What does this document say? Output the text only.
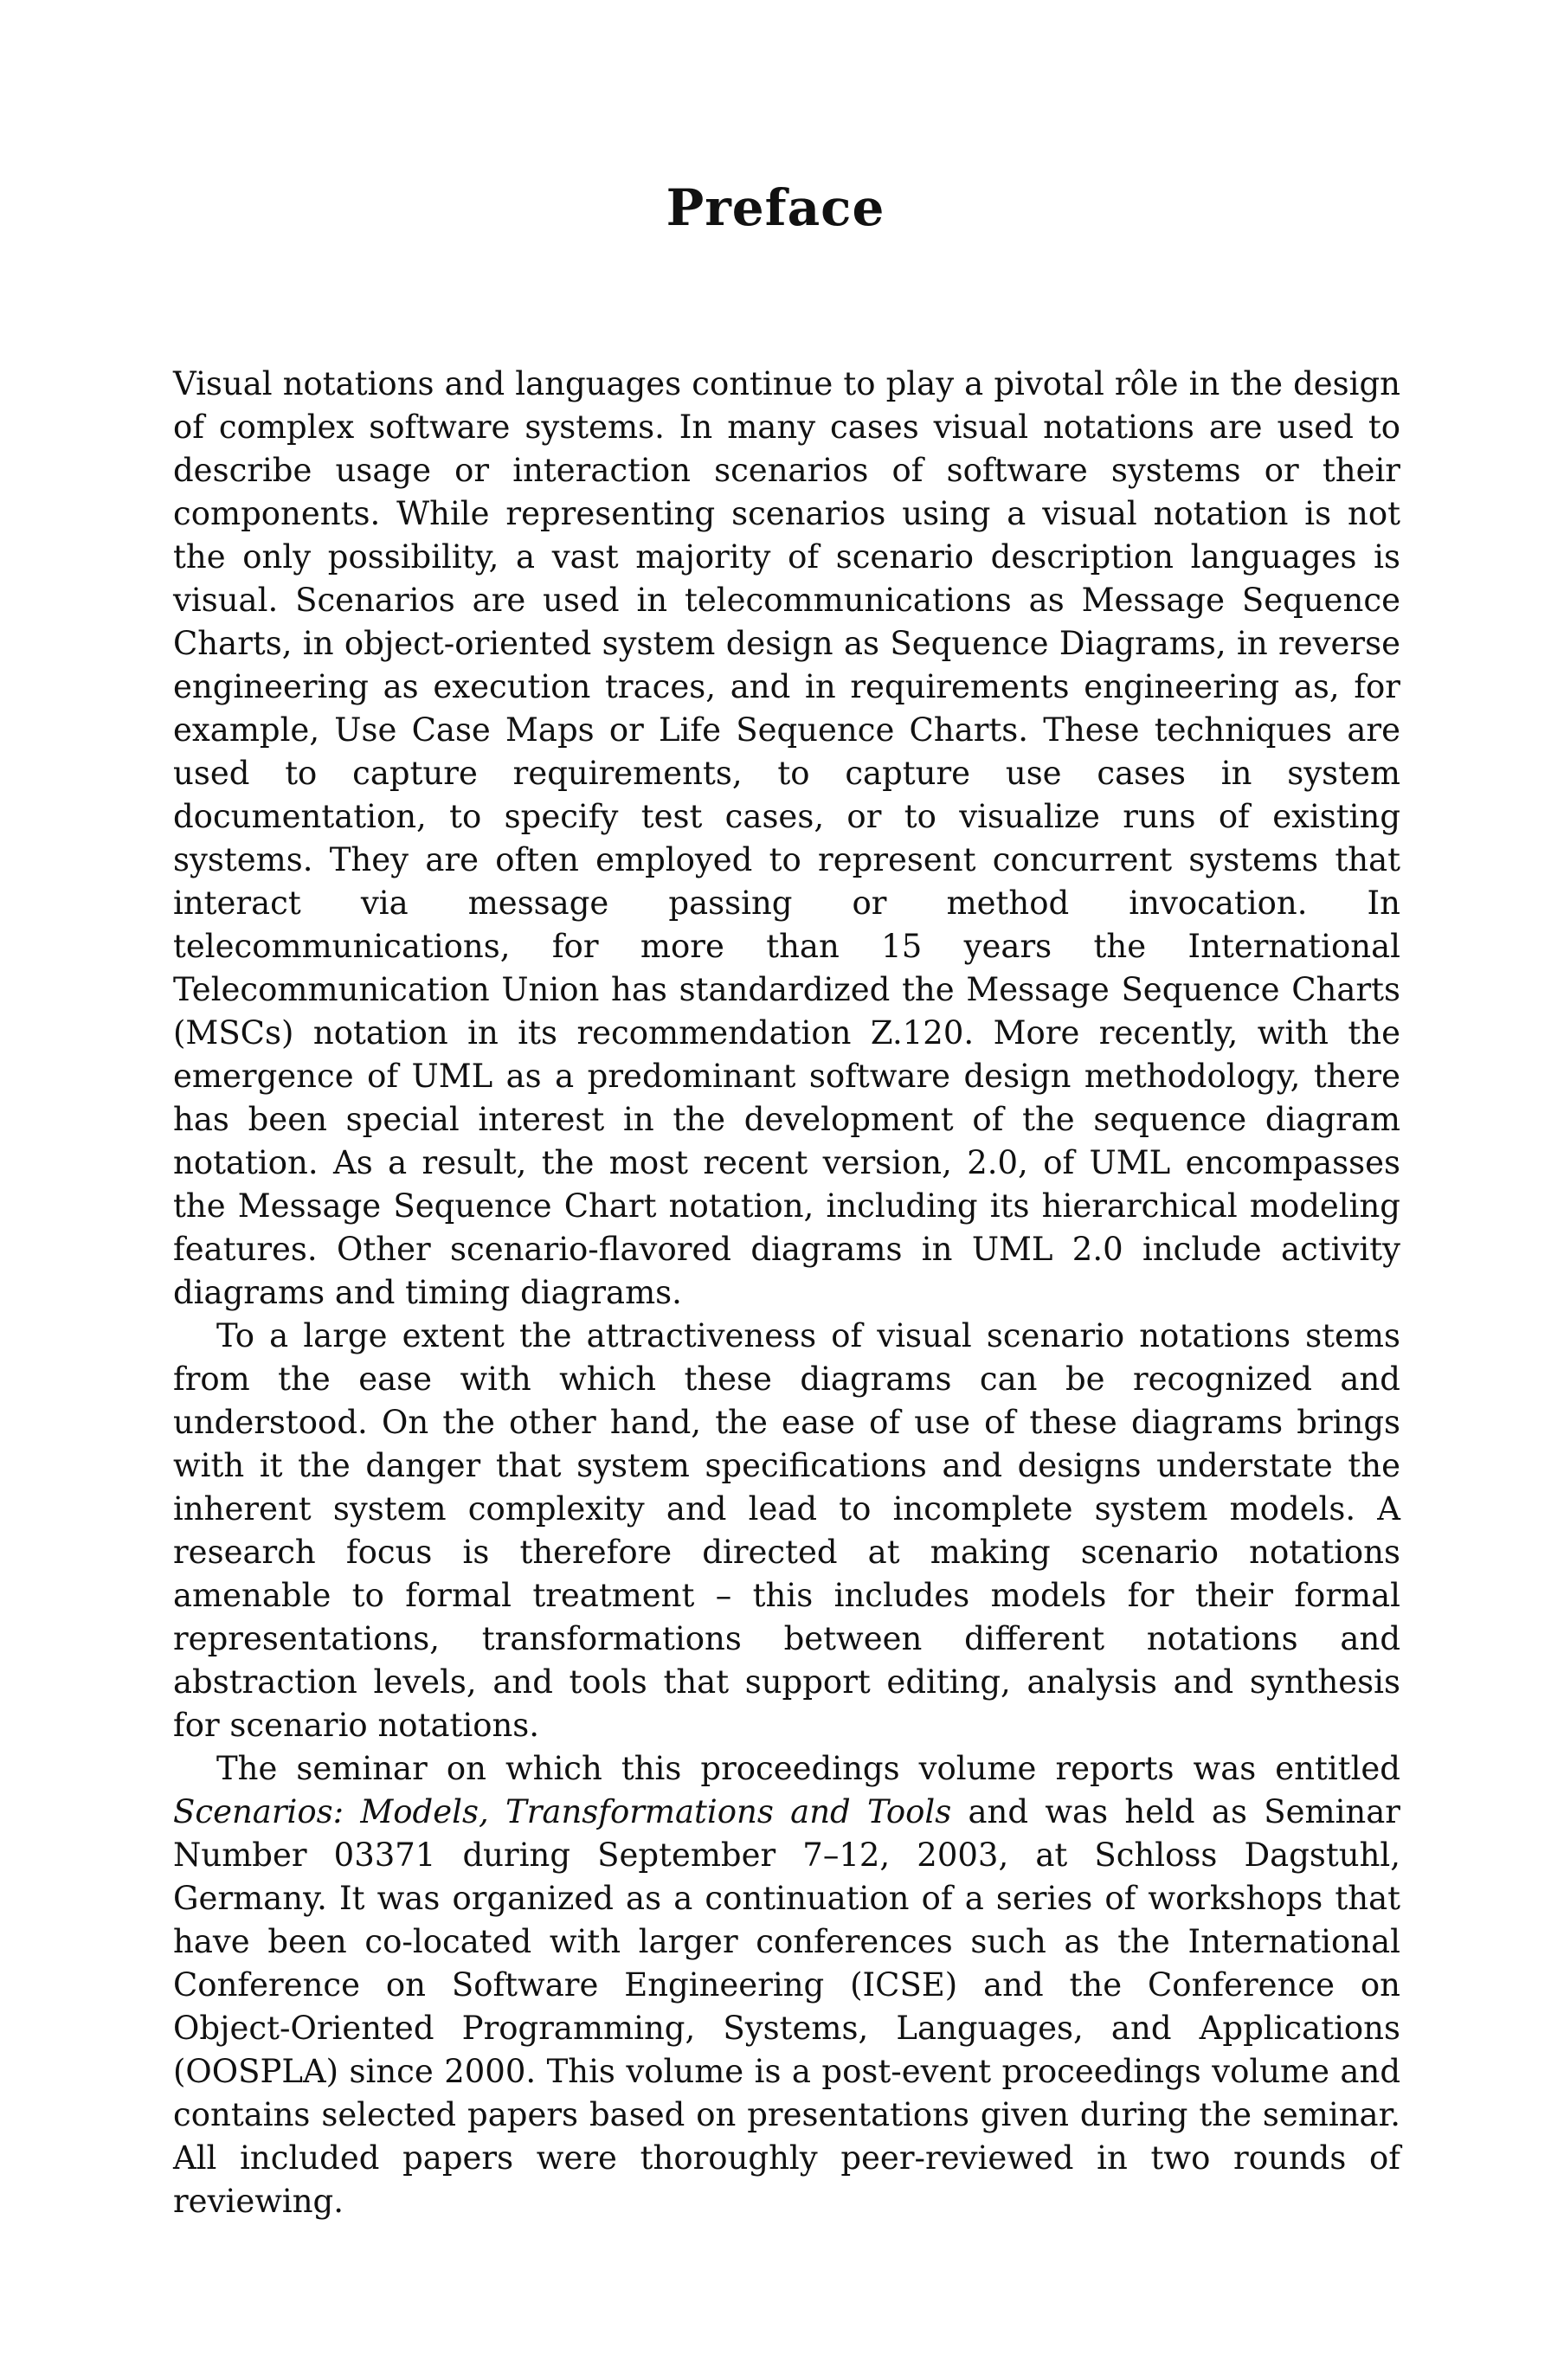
Preface

Visual notations and languages continue to play a pivotal rôle in the design of complex software systems. In many cases visual notations are used to describe usage or interaction scenarios of software systems or their components. While representing scenarios using a visual notation is not the only possibility, a vast majority of scenario description languages is visual. Scenarios are used in telecommunications as Message Sequence Charts, in object-oriented system design as Sequence Diagrams, in reverse engineering as execution traces, and in requirements engineering as, for example, Use Case Maps or Life Sequence Charts. These techniques are used to capture requirements, to capture use cases in system documentation, to specify test cases, or to visualize runs of existing systems. They are often employed to represent concurrent systems that interact via message passing or method invocation. In telecommunications, for more than 15 years the International Telecommunication Union has standardized the Message Sequence Charts (MSCs) notation in its recommendation Z.120. More recently, with the emergence of UML as a predominant software design methodology, there has been special interest in the development of the sequence diagram notation. As a result, the most recent version, 2.0, of UML encompasses the Message Sequence Chart notation, including its hierarchical modeling features. Other scenario-flavored diagrams in UML 2.0 include activity diagrams and timing diagrams.

To a large extent the attractiveness of visual scenario notations stems from the ease with which these diagrams can be recognized and understood. On the other hand, the ease of use of these diagrams brings with it the danger that system specifications and designs understate the inherent system complexity and lead to incomplete system models. A research focus is therefore directed at making scenario notations amenable to formal treatment – this includes models for their formal representations, transformations between different notations and abstraction levels, and tools that support editing, analysis and synthesis for scenario notations.

The seminar on which this proceedings volume reports was entitled Scenarios: Models, Transformations and Tools and was held as Seminar Number 03371 during September 7–12, 2003, at Schloss Dagstuhl, Germany. It was organized as a continuation of a series of workshops that have been co-located with larger conferences such as the International Conference on Software Engineering (ICSE) and the Conference on Object-Oriented Programming, Systems, Languages, and Applications (OOSPLA) since 2000. This volume is a post-event proceedings volume and contains selected papers based on presentations given during the seminar. All included papers were thoroughly peer-reviewed in two rounds of reviewing.
